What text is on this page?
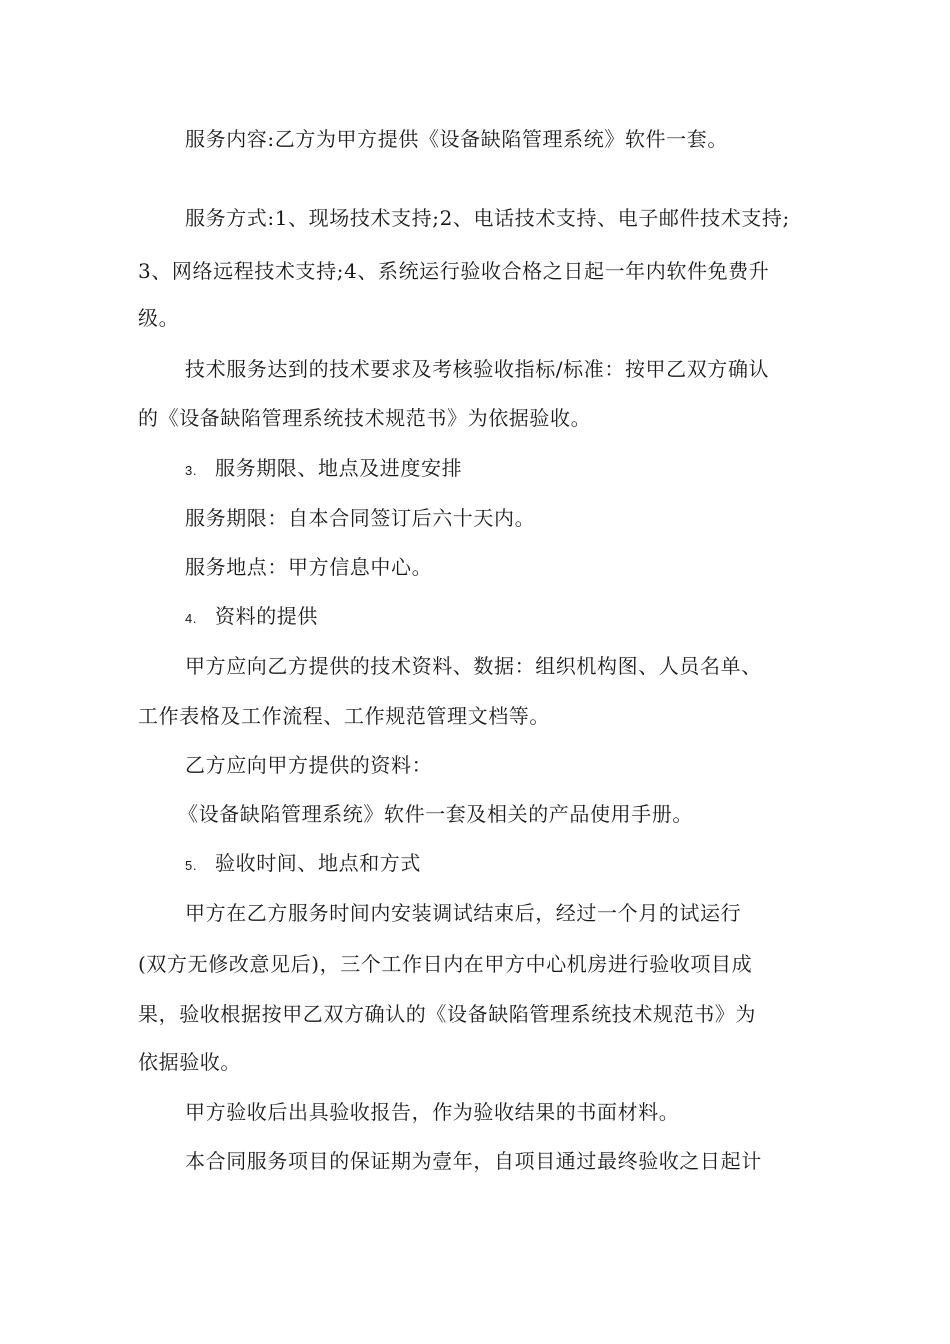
服务内容:乙方为甲方提供《设备缺陷管理系统》软件一套。
服务方式:1、现场技术支持;2、电话技术支持、电子邮件技术支持;
3、网络远程技术支持;4、系统运行验收合格之日起一年内软件免费升
级。
技术服务达到的技术要求及考核验收指标/标准：按甲乙双方确认
的《设备缺陷管理系统技术规范书》为依据验收。
3. 服务期限、地点及进度安排
服务期限：自本合同签订后六十天内。
服务地点：甲方信息中心。
4. 资料的提供
甲方应向乙方提供的技术资料、数据：组织机构图、人员名单、
工作表格及工作流程、工作规范管理文档等。
乙方应向甲方提供的资料：
《设备缺陷管理系统》软件一套及相关的产品使用手册。
5. 验收时间、地点和方式
甲方在乙方服务时间内安装调试结束后，经过一个月的试运行
(双方无修改意见后)，三个工作日内在甲方中心机房进行验收项目成
果，验收根据按甲乙双方确认的《设备缺陷管理系统技术规范书》为
依据验收。
甲方验收后出具验收报告，作为验收结果的书面材料。
本合同服务项目的保证期为壹年，自项目通过最终验收之日起计
